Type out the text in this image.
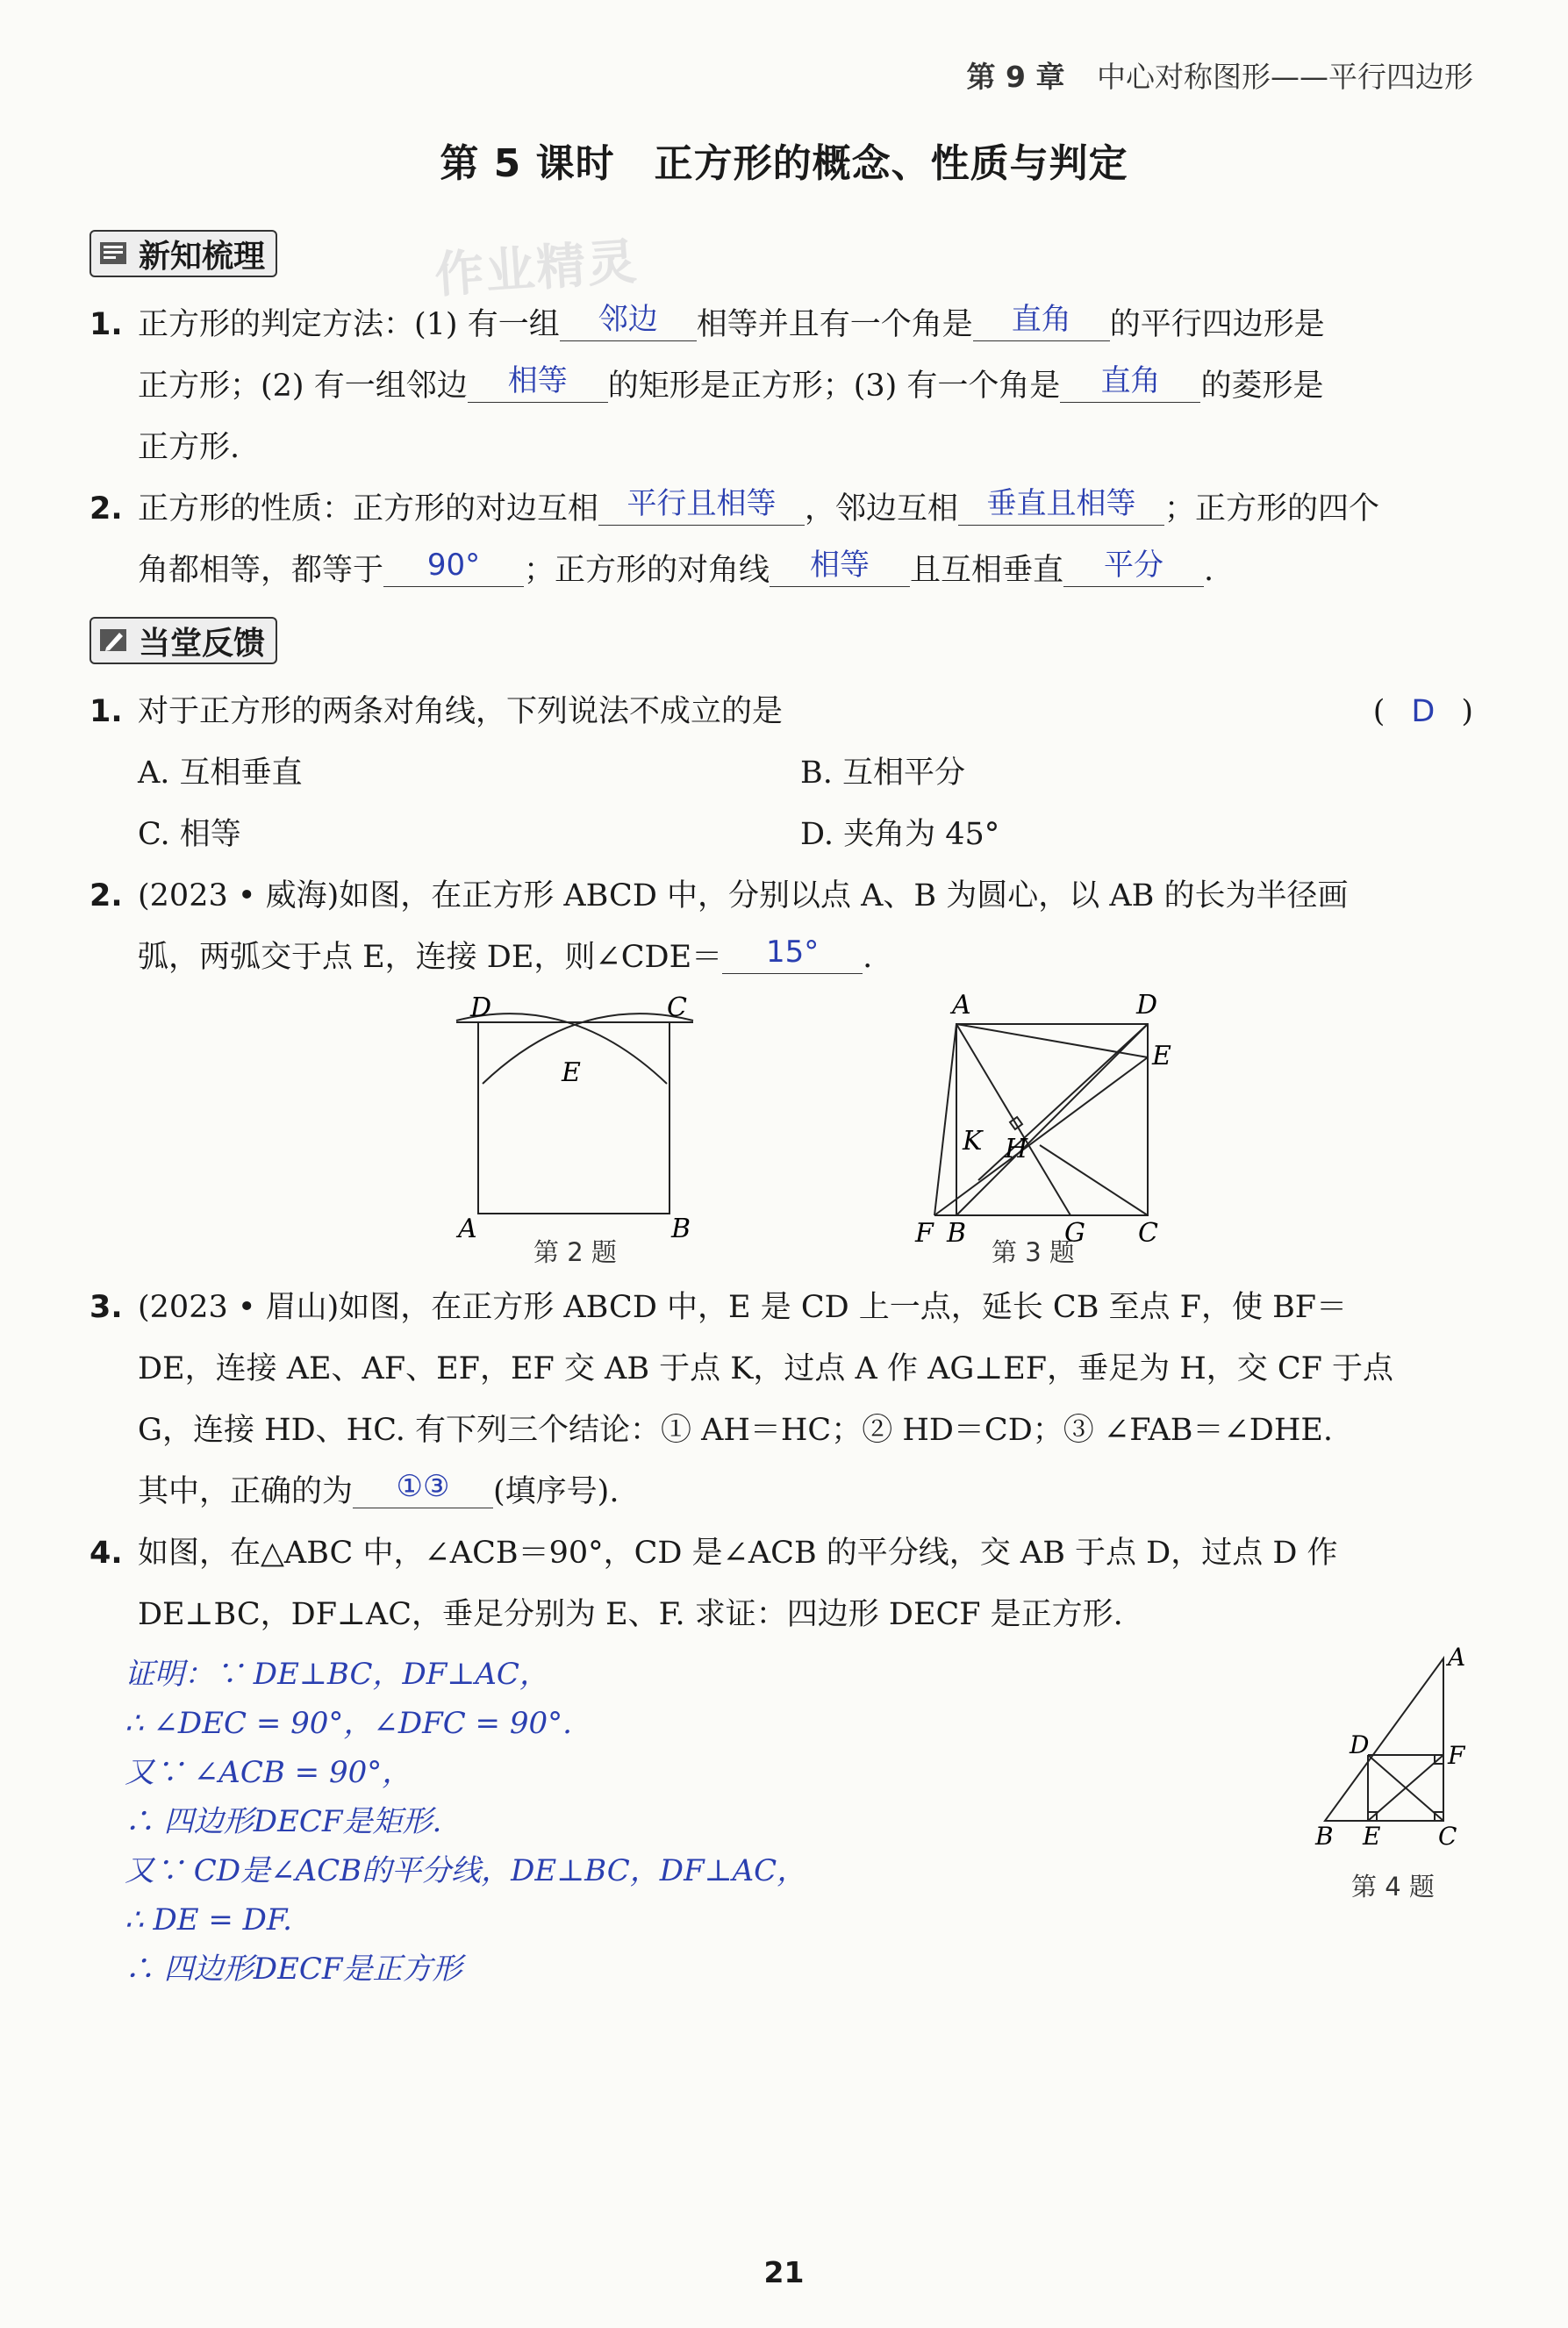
第 9 章 中心对称图形——平行四边形
第 5 课时　正方形的概念、性质与判定
新知梳理	作业精灵
1. 正方形的判定方法：(1) 有一组 邻边 相等并且有一个角是 直角 的平行四边形是
正方形；(2) 有一组邻边 相等 的矩形是正方形；(3) 有一个角是 直角 的菱形是
正方形.
2. 正方形的性质：正方形的对边互相 平行且相等 ，邻边互相 垂直且相等 ；正方形的四个
角都相等，都等于 90° ；正方形的对角线 相等 且互相垂直 平分 .
当堂反馈
1. 对于正方形的两条对角线，下列说法不成立的是	( D )
A. 互相垂直	B. 互相平分
C. 相等	D. 夹角为 45°
2. (2023 • 威海)如图，在正方形 ABCD 中，分别以点 A、B 为圆心，以 AB 的长为半径画
弧，两弧交于点 E，连接 DE，则∠CDE＝ 15° .
D	C
E
A	B
第 2 题
A	D
E
K H
F B	G C
第 3 题
3. (2023 • 眉山)如图，在正方形 ABCD 中，E 是 CD 上一点，延长 CB 至点 F，使 BF＝
DE，连接 AE、AF、EF，EF 交 AB 于点 K，过点 A 作 AG⊥EF，垂足为 H，交 CF 于点
G，连接 HD、HC. 有下列三个结论：① AH＝HC；② HD＝CD；③ ∠FAB＝∠DHE.
其中，正确的为 ①③ (填序号).
4. 如图，在△ABC 中，∠ACB＝90°，CD 是∠ACB 的平分线，交 AB 于点 D，过点 D 作
DE⊥BC，DF⊥AC，垂足分别为 E、F. 求证：四边形 DECF 是正方形.
证明：∵ DE⊥BC，DF⊥AC，
∴ ∠DEC = 90°，∠DFC = 90°.
又∵ ∠ACB = 90°，
∴ 四边形DECF是矩形.
又∵ CD是∠ACB的平分线，DE⊥BC，DF⊥AC，
∴ DE = DF.
∴ 四边形DECF是正方形
A
D	F
B E C
第 4 题
21
